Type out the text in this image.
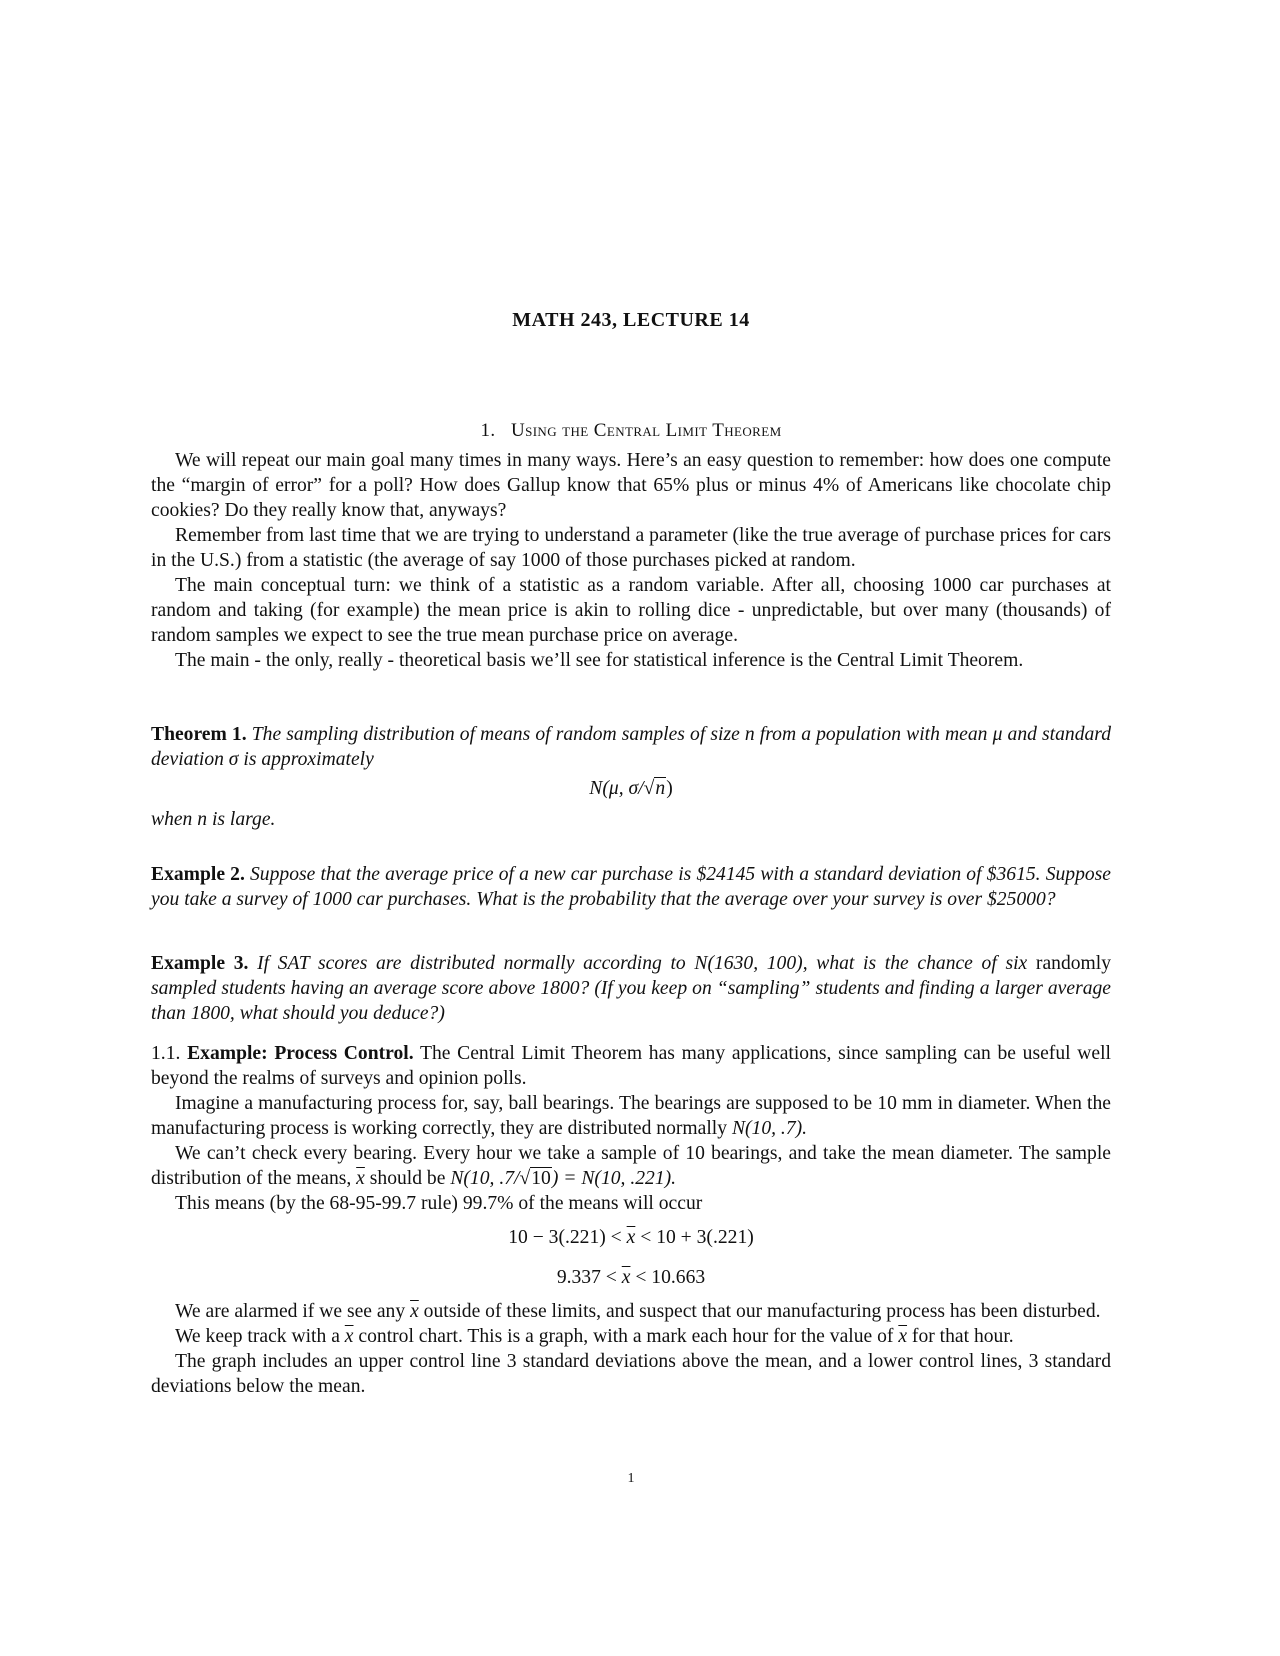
MATH 243, LECTURE 14
1. Using the Central Limit Theorem

We will repeat our main goal many times in many ways. Here’s an easy question to remember: how does one compute the “margin of error” for a poll? How does Gallup know that 65% plus or minus 4% of Americans like chocolate chip cookies? Do they really know that, anyways?

Remember from last time that we are trying to understand a parameter (like the true average of purchase prices for cars in the U.S.) from a statistic (the average of say 1000 of those purchases picked at random.

The main conceptual turn: we think of a statistic as a random variable. After all, choosing 1000 car purchases at random and taking (for example) the mean price is akin to rolling dice - unpredictable, but over many (thousands) of random samples we expect to see the true mean purchase price on average.

The main - the only, really - theoretical basis we’ll see for statistical inference is the Central Limit Theorem.

Theorem 1. The sampling distribution of means of random samples of size n from a population with mean μ and standard deviation σ is approximately

N(μ, σ/√n)

when n is large.

Example 2. Suppose that the average price of a new car purchase is $24145 with a standard deviation of $3615. Suppose you take a survey of 1000 car purchases. What is the probability that the average over your survey is over $25000?

Example 3. If SAT scores are distributed normally according to N(1630, 100), what is the chance of six randomly sampled students having an average score above 1800? (If you keep on “sampling” students and finding a larger average than 1800, what should you deduce?)

1.1. Example: Process Control. The Central Limit Theorem has many applications, since sampling can be useful well beyond the realms of surveys and opinion polls.

Imagine a manufacturing process for, say, ball bearings. The bearings are supposed to be 10 mm in diameter. When the manufacturing process is working correctly, they are distributed normally N(10, .7).

We can’t check every bearing. Every hour we take a sample of 10 bearings, and take the mean diameter. The sample distribution of the means, $\overline{x}$ should be N(10, .7/√10) = N(10, .221).

This means (by the 68-95-99.7 rule) 99.7% of the means will occur

$10 - 3(.221) < \overline{x} < 10 + 3(.221)$
$9.337 < \overline{x} < 10.663$

We are alarmed if we see any $\overline{x}$ outside of these limits, and suspect that our manufacturing process has been disturbed.

We keep track with a $\overline{x}$ control chart. This is a graph, with a mark each hour for the value of $\overline{x}$ for that hour.

The graph includes an upper control line 3 standard deviations above the mean, and a lower control lines, 3 standard deviations below the mean.

1
